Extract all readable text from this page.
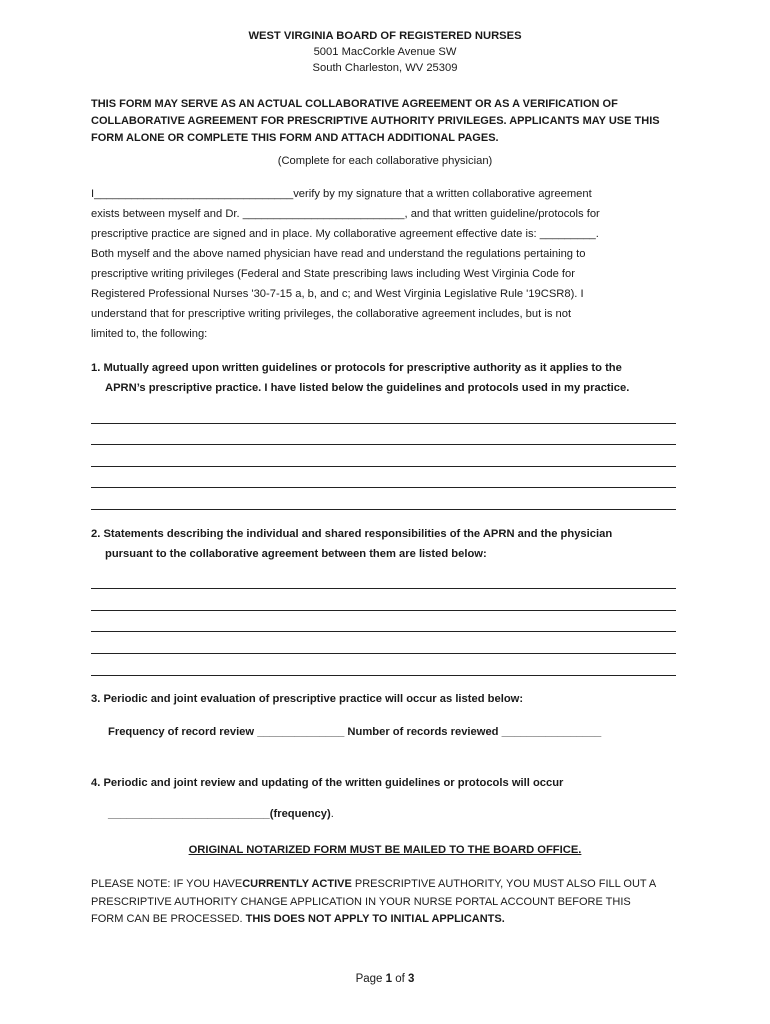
WEST VIRGINIA BOARD OF REGISTERED NURSES
5001 MacCorkle Avenue SW
South Charleston, WV 25309
THIS FORM MAY SERVE AS AN ACTUAL COLLABORATIVE AGREEMENT OR AS A VERIFICATION OF
COLLABORATIVE AGREEMENT FOR PRESCRIPTIVE AUTHORITY PRIVILEGES. APPLICANTS MAY USE THIS
FORM ALONE OR COMPLETE THIS FORM AND ATTACH ADDITIONAL PAGES.
(Complete for each collaborative physician)
I________________________________verify by my signature that a written collaborative agreement
exists between myself and Dr. __________________________, and that written guideline/protocols for
prescriptive practice are signed and in place. My collaborative agreement effective date is: _________.
Both myself and the above named physician have read and understand the regulations pertaining to
prescriptive writing privileges (Federal and State prescribing laws including West Virginia Code for
Registered Professional Nurses '30-7-15 a, b, and c; and West Virginia Legislative Rule '19CSR8). I
understand that for prescriptive writing privileges, the collaborative agreement includes, but is not
limited to, the following:
1. Mutually agreed upon written guidelines or protocols for prescriptive authority as it applies to the
APRN’s prescriptive practice. I have listed below the guidelines and protocols used in my practice.
2. Statements describing the individual and shared responsibilities of the APRN and the physician
pursuant to the collaborative agreement between them are listed below:
3. Periodic and joint evaluation of prescriptive practice will occur as listed below:
Frequency of record review ______________ Number of records reviewed ________________
4. Periodic and joint review and updating of the written guidelines or protocols will occur
__________________________(frequency).
ORIGINAL NOTARIZED FORM MUST BE MAILED TO THE BOARD OFFICE.
PLEASE NOTE: IF YOU HAVECURRENTLY ACTIVE PRESCRIPTIVE AUTHORITY, YOU MUST ALSO FILL OUT A
PRESCRIPTIVE AUTHORITY CHANGE APPLICATION IN YOUR NURSE PORTAL ACCOUNT BEFORE THIS
FORM CAN BE PROCESSED. THIS DOES NOT APPLY TO INITIAL APPLICANTS.
Page 1 of 3
